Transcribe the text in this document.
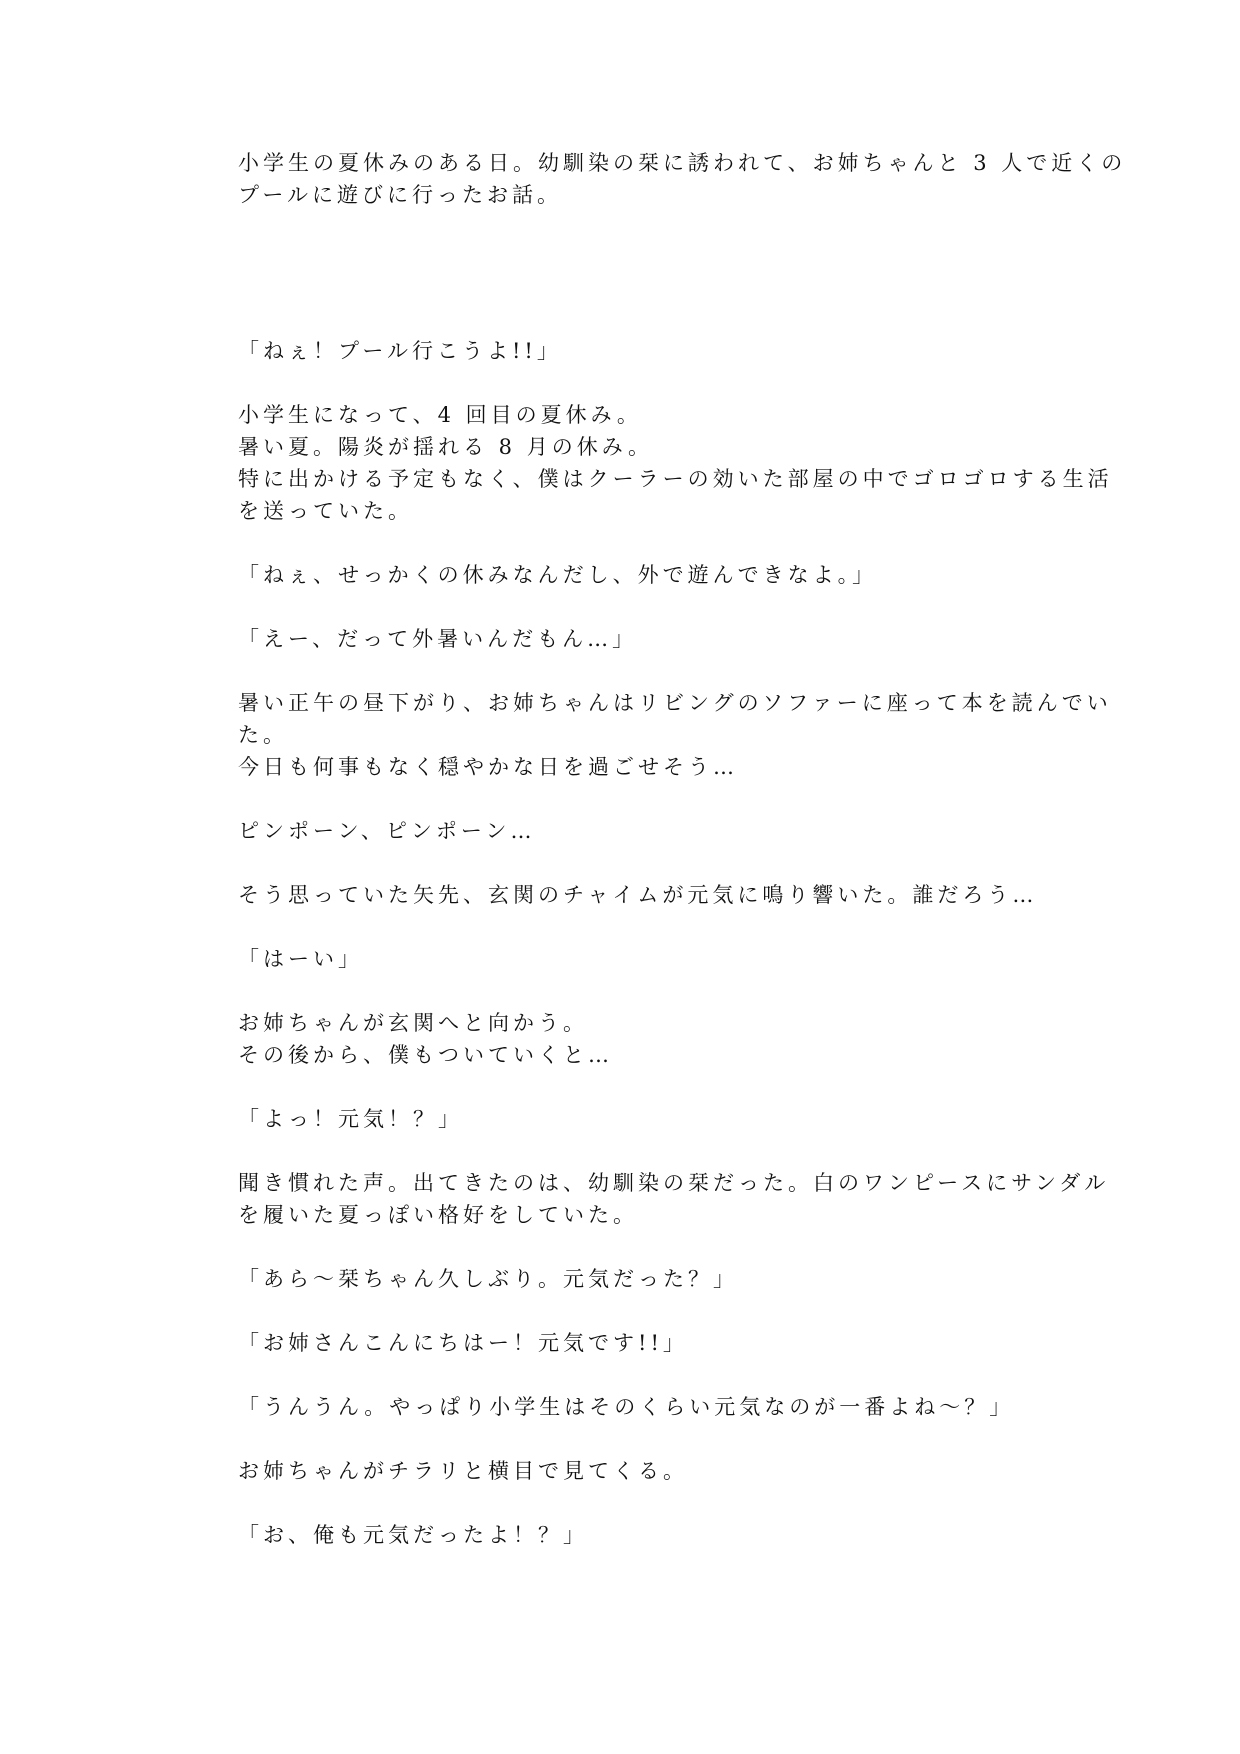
小学生の夏休みのある日。幼馴染の栞に誘われて、お姉ちゃんと 3 人で近くの
プールに遊びに行ったお話。
「ねぇ！プール行こうよ!!」
小学生になって、4 回目の夏休み。
暑い夏。陽炎が揺れる 8 月の休み。
特に出かける予定もなく、僕はクーラーの効いた部屋の中でゴロゴロする生活
を送っていた。
「ねぇ、せっかくの休みなんだし、外で遊んできなよ。」
「えー、だって外暑いんだもん…」
暑い正午の昼下がり、お姉ちゃんはリビングのソファーに座って本を読んでい
た。
今日も何事もなく穏やかな日を過ごせそう…
ピンポーン、ピンポーン…
そう思っていた矢先、玄関のチャイムが元気に鳴り響いた。誰だろう…
「はーい」
お姉ちゃんが玄関へと向かう。
その後から、僕もついていくと…
「よっ！元気！？」
聞き慣れた声。出てきたのは、幼馴染の栞だった。白のワンピースにサンダル
を履いた夏っぽい格好をしていた。
「あら～栞ちゃん久しぶり。元気だった？」
「お姉さんこんにちはー！元気です!!」
「うんうん。やっぱり小学生はそのくらい元気なのが一番よね～？」
お姉ちゃんがチラリと横目で見てくる。
「お、俺も元気だったよ！？」
